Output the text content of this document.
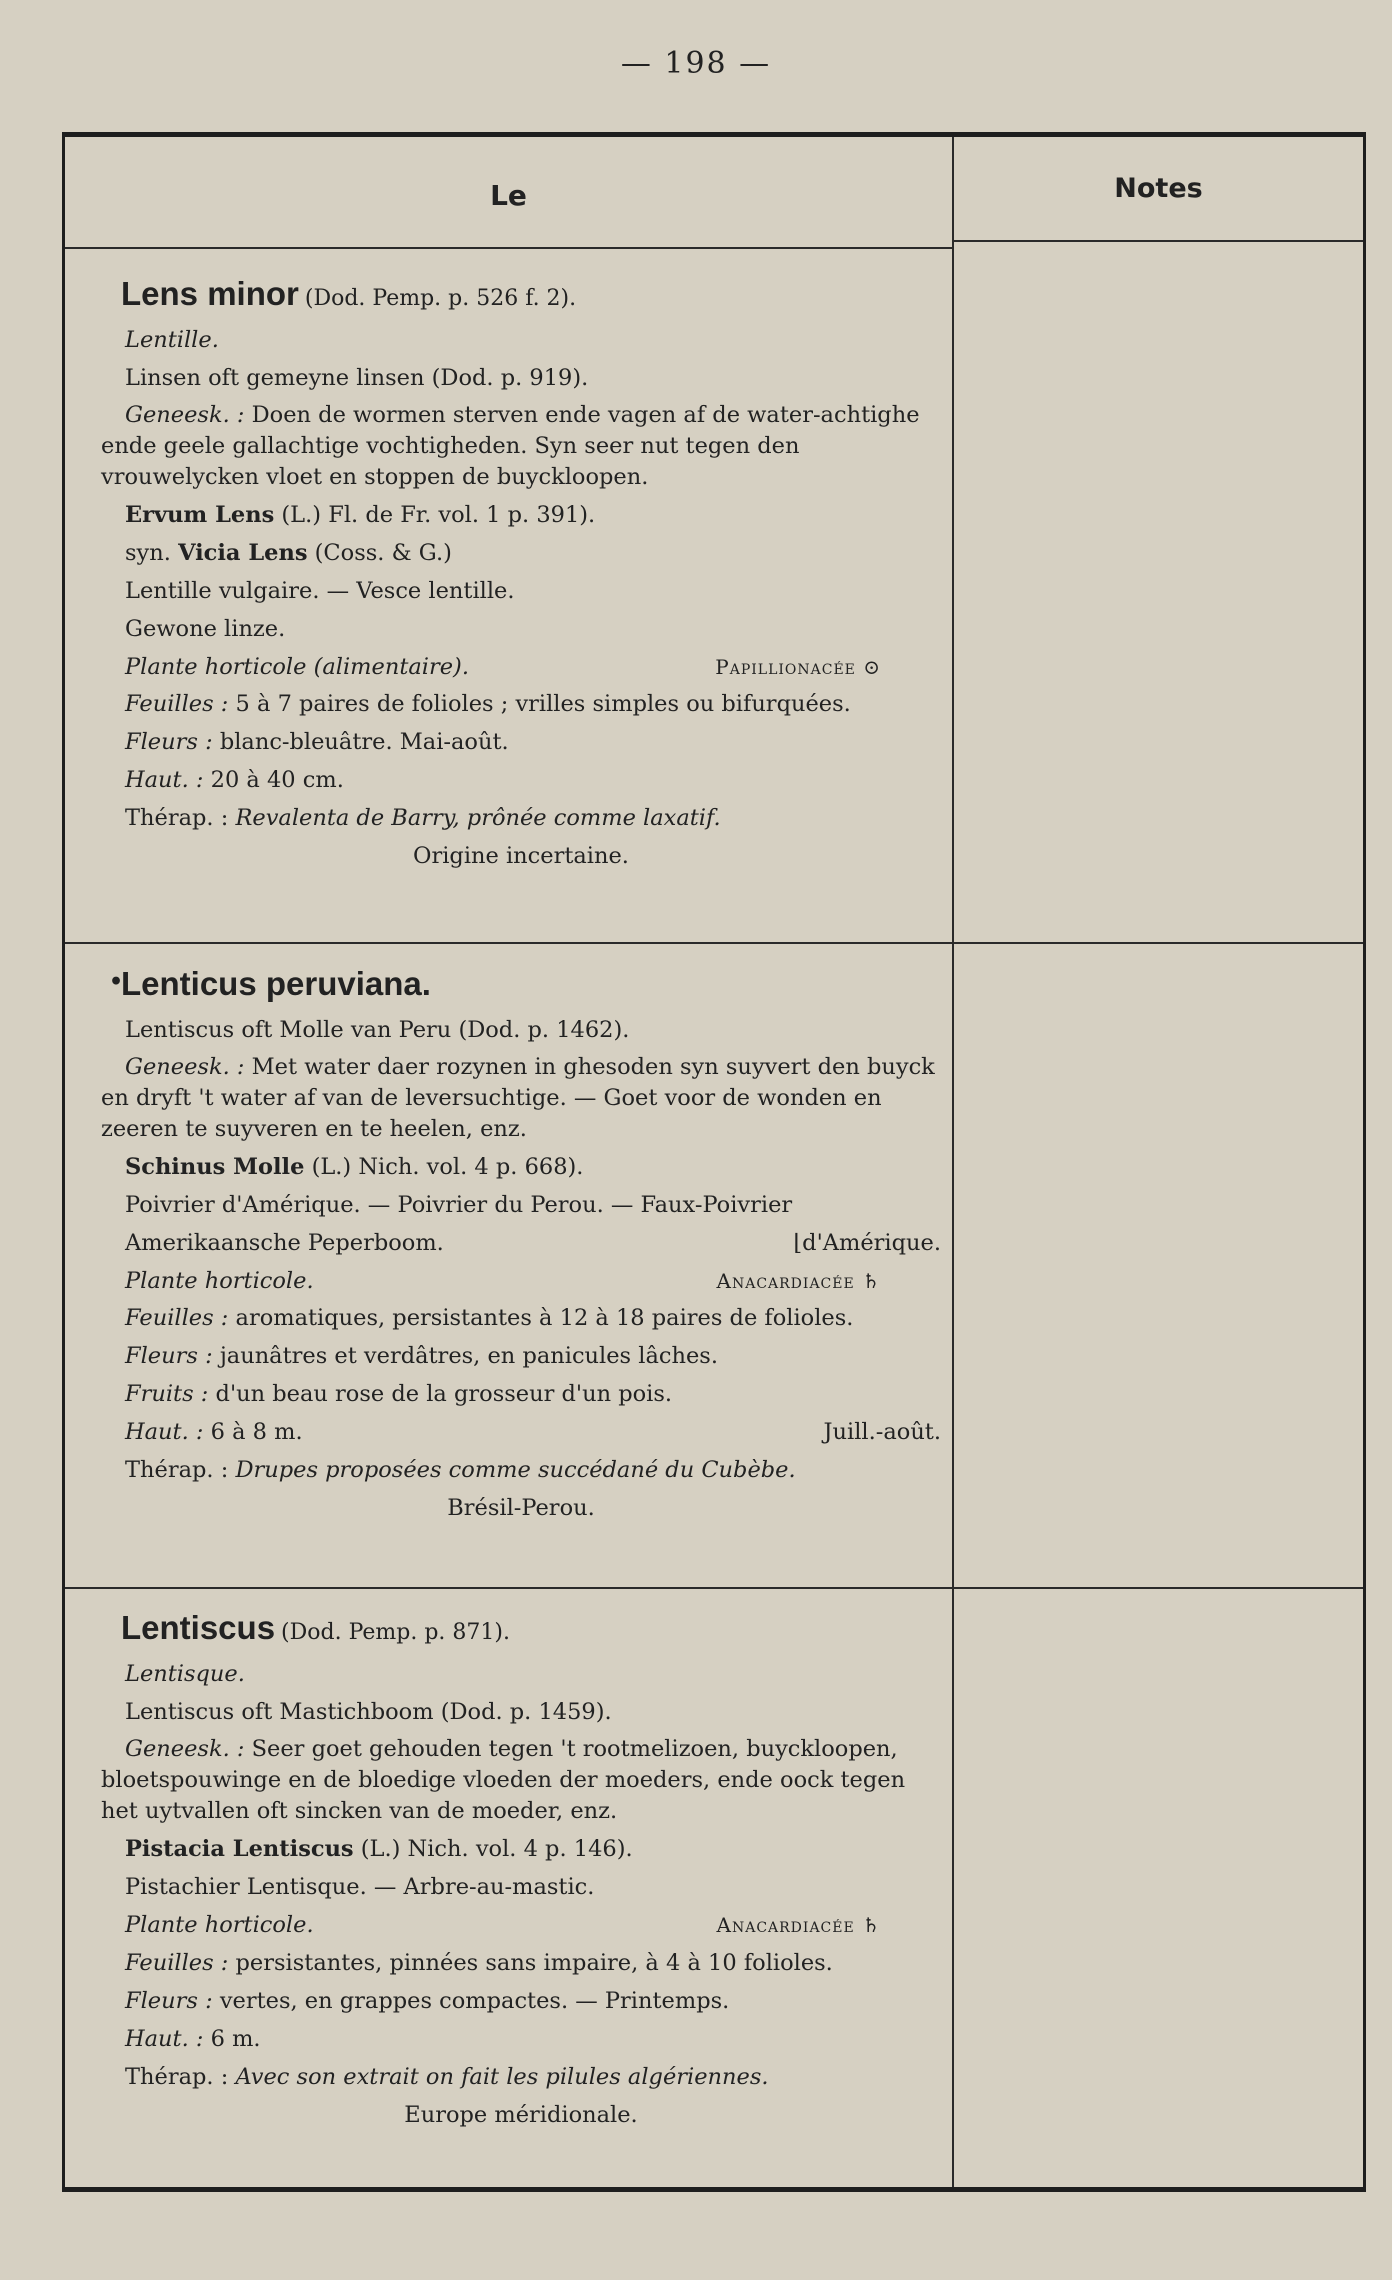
— 198 —
Le	Notes
Lens minor (Dod. Pemp. p. 526 f. 2).
Lentille.
Linsen oft gemeyne linsen (Dod. p. 919).
Geneesk. : Doen de wormen sterven ende vagen af de water-achtighe ende geele gallachtige vochtigheden. Syn seer nut tegen den vrouwelycken vloet en stoppen de buyckloopen.
Ervum Lens (L.) Fl. de Fr. vol. 1 p. 391).
syn. Vicia Lens (Coss. & G.)
Lentille vulgaire. — Vesce lentille.
Gewone linze.
Plante horticole (alimentaire).	Papillionacée ⊙
Feuilles : 5 à 7 paires de folioles ; vrilles simples ou bifurquées.
Fleurs : blanc-bleuâtre. Mai-août.
Haut. : 20 à 40 cm.
Thérap. : Revalenta de Barry, prônée comme laxatif.
Origine incertaine.
•
Lenticus peruviana.
Lentiscus oft Molle van Peru (Dod. p. 1462).
Geneesk. : Met water daer rozynen in ghesoden syn suyvert den buyck en dryft 't water af van de leversuchtige. — Goet voor de wonden en zeeren te suyveren en te heelen, enz.
Schinus Molle (L.) Nich. vol. 4 p. 668).
Poivrier d'Amérique. — Poivrier du Perou. — Faux-Poivrier
Amerikaansche Peperboom.	⌊d'Amérique.
Plante horticole.	Anacardiacée ♄
Feuilles : aromatiques, persistantes à 12 à 18 paires de folioles.
Fleurs : jaunâtres et verdâtres, en panicules lâches.
Fruits : d'un beau rose de la grosseur d'un pois.
Haut. : 6 à 8 m.	Juill.-août.
Thérap. : Drupes proposées comme succédané du Cubèbe.
Brésil-Perou.
Lentiscus (Dod. Pemp. p. 871).
Lentisque.
Lentiscus oft Mastichboom (Dod. p. 1459).
Geneesk. : Seer goet gehouden tegen 't rootmelizoen, buyckloopen, bloetspouwinge en de bloedige vloeden der moeders, ende oock tegen het uytvallen oft sincken van de moeder, enz.
Pistacia Lentiscus (L.) Nich. vol. 4 p. 146).
Pistachier Lentisque. — Arbre-au-mastic.
Plante horticole.	Anacardiacée ♄
Feuilles : persistantes, pinnées sans impaire, à 4 à 10 folioles.
Fleurs : vertes, en grappes compactes. — Printemps.
Haut. : 6 m.
Thérap. : Avec son extrait on fait les pilules algériennes.
Europe méridionale.
